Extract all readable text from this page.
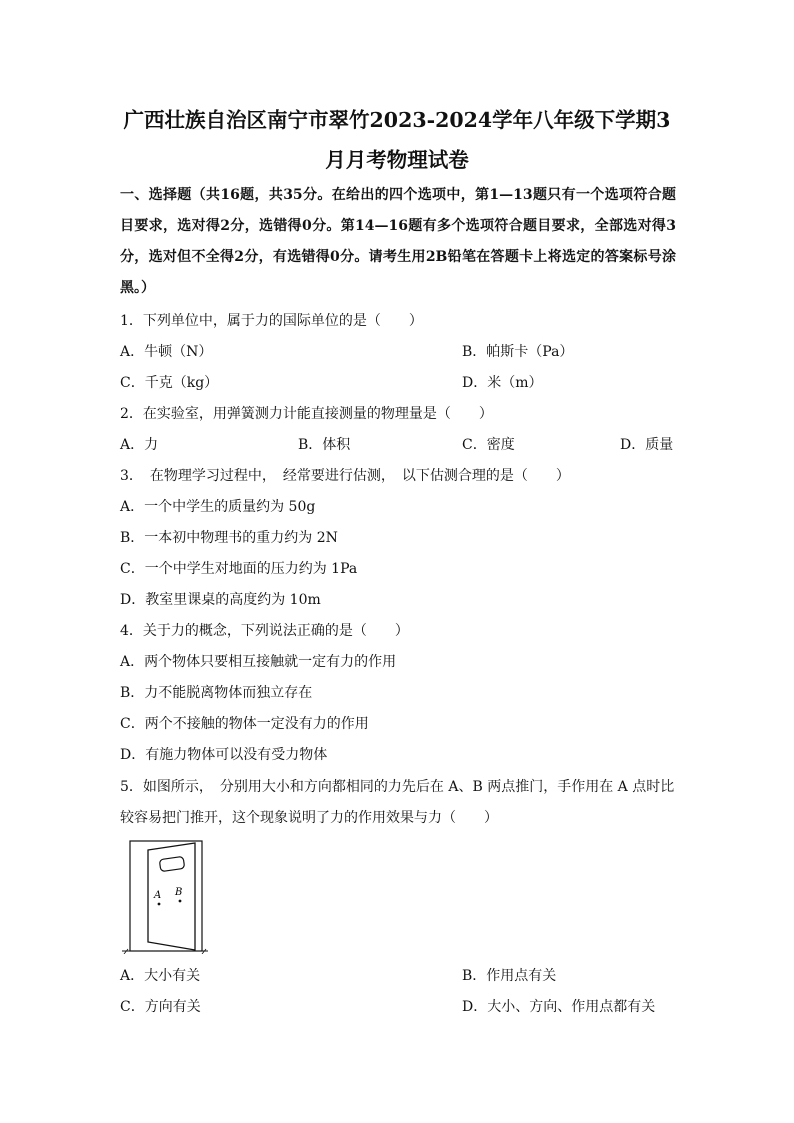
广西壮族自治区南宁市翠竹2023-2024学年八年级下学期3
月月考物理试卷
一、选择题（共16题，共35分。在给出的四个选项中，第1—13题只有一个选项符合题目要求，选对得2分，选错得0分。第14—16题有多个选项符合题目要求，全部选对得3分，选对但不全得2分，有选错得0分。请考生用2B铅笔在答题卡上将选定的答案标号涂黑。）
1．下列单位中，属于力的国际单位的是（　　）
A．牛顿（N）	B．帕斯卡（Pa）
C．千克（kg）	D．米（m）
2．在实验室，用弹簧测力计能直接测量的物理量是（　　）
A．力	B．体积	C．密度	D．质量
3．　在物理学习过程中，　经常要进行估测，　以下估测合理的是（　　）
A．一个中学生的质量约为 50g
B．一本初中物理书的重力约为 2N
C．一个中学生对地面的压力约为 1Pa
D．教室里课桌的高度约为 10m
4．关于力的概念，下列说法正确的是（　　）
A．两个物体只要相互接触就一定有力的作用
B．力不能脱离物体而独立存在
C．两个不接触的物体一定没有力的作用
D．有施力物体可以没有受力物体
5．如图所示，　分别用大小和方向都相同的力先后在 A、B 两点推门，手作用在 A 点时比
较容易把门推开，这个现象说明了力的作用效果与力（　　）
A B
A．大小有关	B．作用点有关
C．方向有关	D．大小、方向、作用点都有关
